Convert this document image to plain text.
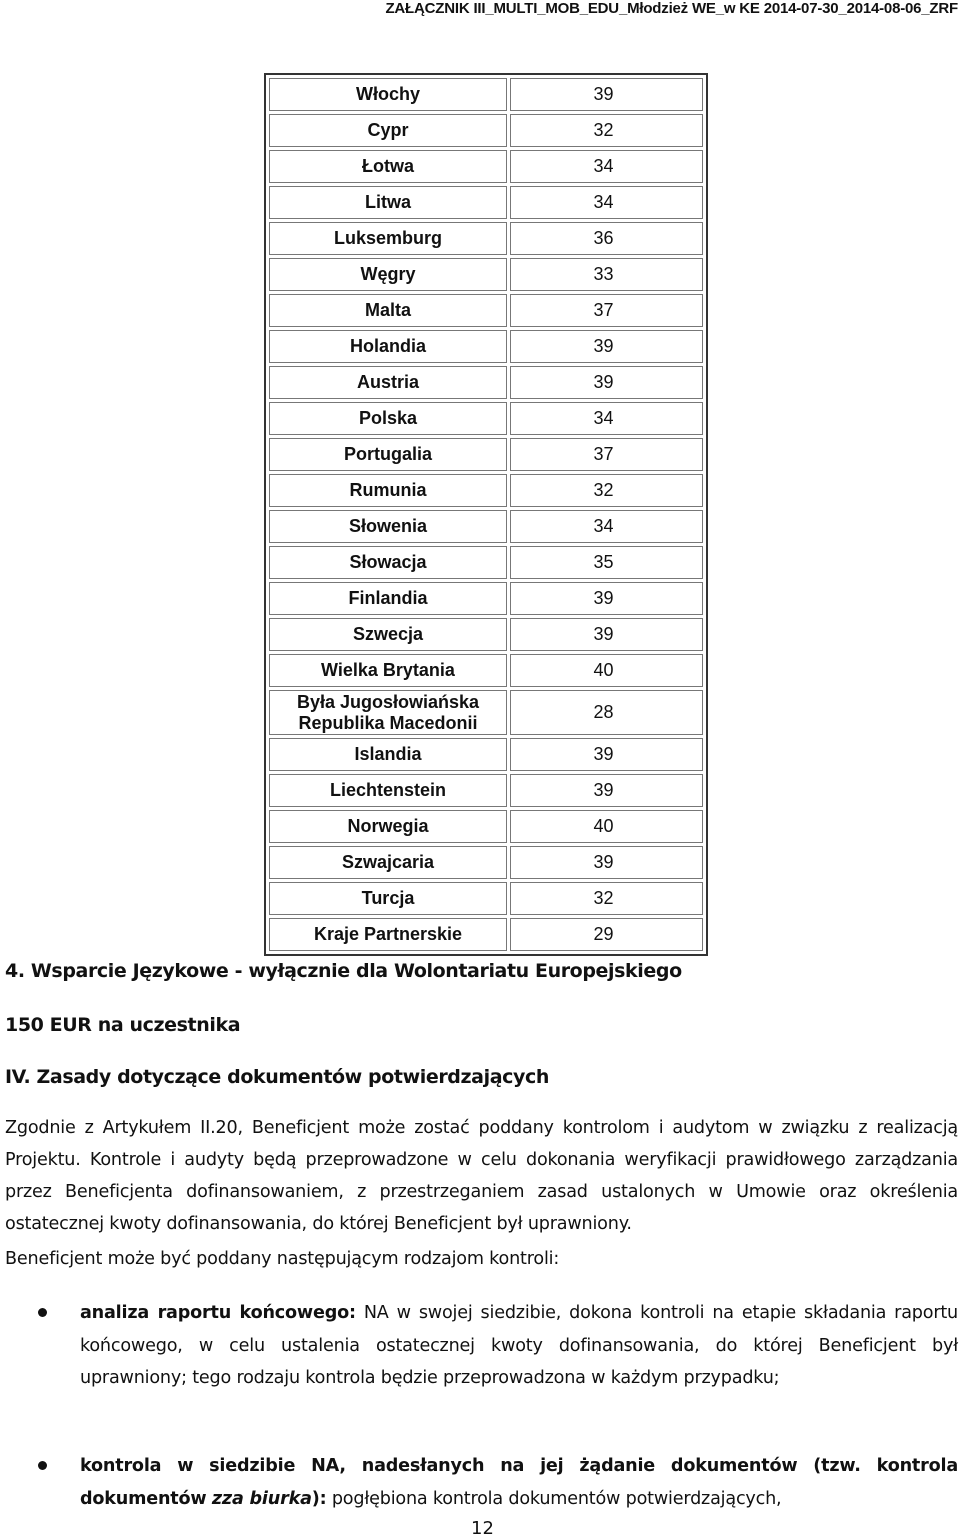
ZAŁĄCZNIK III_MULTI_MOB_EDU_Młodzież WE_w KE 2014-07-30_2014-08-06_ZRF
Włochy	39
Cypr	32
Łotwa	34
Litwa	34
Luksemburg	36
Węgry	33
Malta	37
Holandia	39
Austria	39
Polska	34
Portugalia	37
Rumunia	32
Słowenia	34
Słowacja	35
Finlandia	39
Szwecja	39
Wielka Brytania	40
Była Jugosłowiańska Republika Macedonii	28
Islandia	39
Liechtenstein	39
Norwegia	40
Szwajcaria	39
Turcja	32
Kraje Partnerskie	29
4. Wsparcie Językowe - wyłącznie dla Wolontariatu Europejskiego
150 EUR na uczestnika
IV. Zasady dotyczące dokumentów potwierdzających
Zgodnie z Artykułem II.20, Beneficjent może zostać poddany kontrolom i audytom w związku z realizacją Projektu. Kontrole i audyty będą przeprowadzone w celu dokonania weryfikacji prawidłowego zarządzania przez Beneficjenta dofinansowaniem, z przestrzeganiem zasad ustalonych w Umowie oraz określenia ostatecznej kwoty dofinansowania, do której Beneficjent był uprawniony.
Beneficjent może być poddany następującym rodzajom kontroli:
analiza raportu końcowego: NA w swojej siedzibie, dokona kontroli na etapie składania raportu końcowego, w celu ustalenia ostatecznej kwoty dofinansowania, do której Beneficjent był uprawniony; tego rodzaju kontrola będzie przeprowadzona w każdym przypadku;
kontrola w siedzibie NA, nadesłanych na jej żądanie dokumentów (tzw. kontrola dokumentów zza biurka): pogłębiona kontrola dokumentów potwierdzających,
12
